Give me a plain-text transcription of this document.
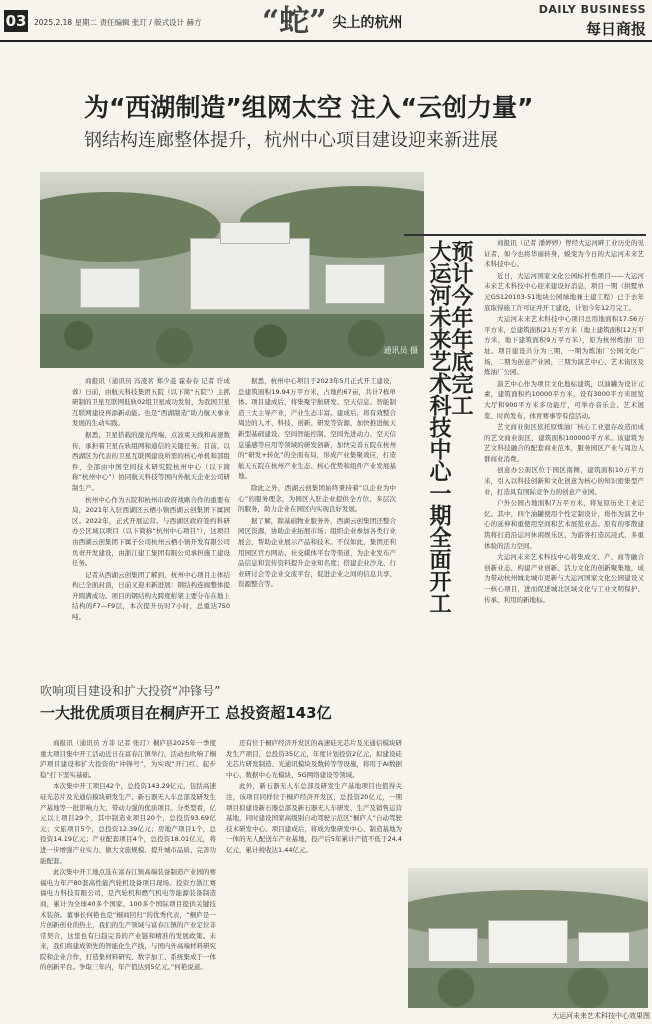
03 2025.2.18 星期二 责任编辑 张玎 / 版式设计 赫方 “蛇” 尖上的杭州
DAILY BUSINESS
每日商报
为“西湖制造”组网太空 注入“云创力量”
钢结构连廊整体提升，杭州中心项目建设迎来新进展
通讯员 摄 预计今年年底完工
大运河未来艺术科技中心一期全面开工	商报讯（记者 潘婷婷）曾经大运河畔工业历史的见证者，如今也将华丽转身，蜕变为今日的大运河未来艺术科技中心。

近日，大运河国家文化公园标杆性项目——大运河未来艺术科技中心迎来建设好消息，项目一期（拱墅单元GS120103-51地块公园绿地兼土建工程）已于去年底取得施工许可证并开工建设，计划今年12月完工。

大运河未来艺术科技中心项目总用地面积17.56万平方米，总建筑面积21万平方米（地上建筑面积12万平方米，地下建筑面积9万平方米），原为杭州炼油厂旧址。项目建设共分为三期，一期为炼油厂公园文化广场，二期为创意产业园，三期为演艺中心、艺术街区及炼油厂公园。

演艺中心作为项目文化地标建筑，以油罐为设计元素，建筑面积约10000平方米，设有3000平方米展览大厅和900平方米多功能厅，可举办音乐会、艺术展览、时尚发布、体育赛事等有偿活动。

艺文商业街区依托原炼油厂核心工业遗存改造而成的艺文商业街区，建筑面积100000平方米。该建筑为艺文科技融合的配套商业范本，服务园区产业与周边人群商业消费。

创意办公街区位于园区南侧，建筑面积10万平方米，引入以科技创新和文化创意为核心的知识密集型产业，打造具有国际竞争力的创意产业园。

户外公园占地面积7万平方米，将复原历史工业记忆。其中，四个油罐使用个性定制设计，将作为演艺中心的延伸和重使用空间和艺术展览业态。原有的零散建筑将打造沿运河休闲娱乐区，为游客打造沉浸式、多重体验的活力空间。

大运河未来艺术科技中心将集成文、产、商等融合创新业态，构建产业创新、活力文化的创新聚集地，成为带动杭州城北城市更新与大运河国家文化公园建设又一核心项目，进而促进城北区域文化与工业文明保护、传承、利用的新地标。

商报讯（通讯员 冯凌茗 郑少菱 霍泰春 记者 许成蓉）日前，由航天科技集团五院（以下简“五院”）主抓研制的卫星互联网低轨02组卫星成功发射，为我国卫星互联网建设再添新动能。也是“西湖制造”助力航天事业发展的生动实践。

据悉，卫星搭载的激光终端、点波束天线和高速数传，承担着卫星在轨组网和通信的关键任务。目前，以西湖区为代表的卫星互联网建设所需的核心单机和部组件，全部由中国空间技术研究院杭州中心（以下简称“杭州中心”）协同航天科技等国内外航天企业公司研制生产。

杭州中心作为五院和杭州市政府战略合作的重要布局，2021年入驻西湖区云栖小镇西湖云创集团下属园区。2022年，正式开展运营。与西湖区政府签约科研办公区域以项目（以下简称“杭州中心项目”），这项目由西湖云创集团下属子公司杭州云栖小镇开发有限公司负责开发建设，由浙江建工集团有限公司承担施工建设任务。

记者从西湖云创集团了解到，杭州中心项目主体结构已全面封顶，日前又迎来新进展：钢结构连廊整体提升圆满成功。项目的钢结构大跨度桁架主要分布在地上结构的F7—F9层，本次提升历时7小时，总重达750吨。

据悉，杭州中心项目于2023年5月正式开工建设，总建筑面积19.94万平方米，占地约67亩，共计7栋单体。项目建成后，将集聚宇航研发、空天信息、智能制造三大主导产业，产业生态丰富。建成后，将有效整合周边的人才、科技、创新、研发等资源，加快推进航天新型基础建设、空间智能控制、空间先进动力、空天信息遥感等应用等领域的研发创新，加快完善五院在杭州的“研发+转化”的全面布局，形成产业集聚效应，打造航天五院在杭州产业生态、核心优势和组件产业发展基地。

除此之外，西湖云创集团始终秉持着“以企业为中心”的服务理念，为园区入驻企业提供全方位、多层次的服务，助力企业在园区内实现良好发展。

据了解，除基础物业服务外，西湖云创集团还整合园区资源，协助企业拓展市场；组织企业参加各类行业展会，帮助企业展示产品和技术。不仅如此，集团还利用园区官方网站、社交媒体平台等渠道，为企业发布产品信息和宣传资料提升企业知名度；搭建企业沙龙、行业研讨会等企业交流平台，促进企业之间的信息共享、资源整合等。

吹响项目建设和扩大投资“冲锋号”
一大批优质项目在桐庐开工 总投资超143亿

商报讯（通讯员 方菲 记者 张玎）桐庐县2025年一季度重大项目集中开工活动近日在富春江镇举行，活动也吹响了桐庐项目建设和扩大投资的“冲锋号”，为实现“开门红、起步稳”打下坚实基础。

本次集中开工项目42个，总投资143.29亿元，包括高速硅光芯片及光通信模块研发生产、新石器无人车总部及研发生产基地等一批影响力大、带动力强的优质项目。分类型看，亿元以上项目29个，其中制造业项目20个，总投资93.69亿元；文旅项目5个，总投资12.39亿元；房地产项目1个，总投资14.19亿元；产业配套项目4个，总投资18.01亿元，将进一步增强产业实力、做大文旅规模、提升城市品质、完善功能配套。

此次集中开工地点选在富春江镇高端装备制造产业园的赛福电力年产80套高性能汽轮机设备项目现场。投资方浙江赛福电力科技有限公司，是汽轮机和燃气机电等能源装备制造商，累计为全球40多个国家、100多个国际项目提供关键技术装备。董事长何艳也是“桐商回归”的优秀代表，“桐庐是一片创新创业的热土，我们的生产领域与富春江镇的产业定位非常契合，这里也有日趋完善的产业链和精准的发展政策。未来，我们将建成领先的智能化生产线，与国内外高端材料研究院和企业合作，打造集材料研究、数字加工、系统集成于一体的创新平台。争取三年内，年产值达到5亿元。”何艳说道。

还有位于桐庐经济开发区的高速硅光芯片及光通信模块研发生产项目，总投资35亿元，年度计划投资2亿元，拟建设硅光芯片研发制造、光通讯模块及数转等等设施，将用于AI数据中心、数据中心光模块、5G网络建设等领域。

此外，新石器无人车总部及研发生产基地项目也值得关注，该项目同样位于桐庐经济开发区，总投资20亿元，一期项目拟建设新石器总部及新石器无人车研发、生产及销售运营基地，同时建设国家高级别自动驾驶示范区“桐庐人”自动驾驶技术研发中心。项目建成后，将成为集研发中心、制造基地为一体的无人配送车产业基地，投产后5年累计产值不低于24.4亿元，累计税收达1.44亿元。

大运河未来艺术科技中心效果图
